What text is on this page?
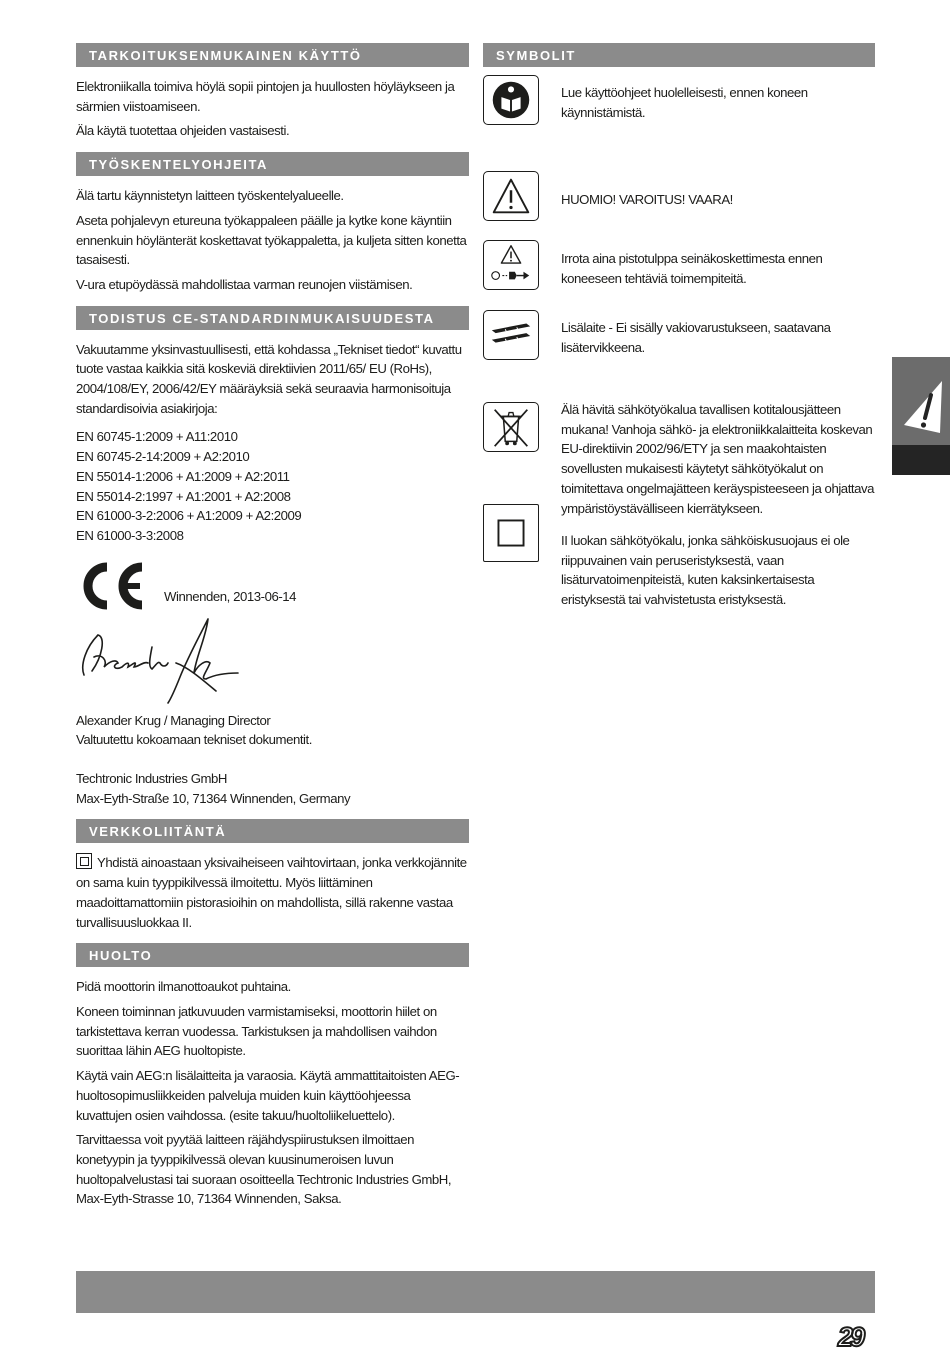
TARKOITUKSENMUKAINEN KÄYTTÖ

Elektroniikalla toimiva höylä sopii pintojen ja huullosten höyläykseen ja särmien viistoamiseen.

Äla käytä tuotettaa ohjeiden vastaisesti.

TYÖSKENTELYOHJEITA

Älä tartu käynnistetyn laitteen työskentelyalueelle.

Aseta pohjalevyn etureuna työkappaleen päälle ja kytke kone käyntiin ennenkuin höylänterät koskettavat työkappaletta, ja kuljeta sitten konetta tasaisesti.

V-ura etupöydässä mahdollistaa varman reunojen viistämisen.

TODISTUS CE-STANDARDINMUKAISUUDESTA

Vakuutamme yksinvastuullisesti, että kohdassa „Tekniset tiedot“ kuvattu tuote vastaa kaikkia sitä koskeviä direktiivien 2011/65/ EU (RoHs), 2004/108/EY, 2006/42/EY määräyksiä sekä seuraavia harmonisoituja standardisoivia asiakirjoja:

EN 60745-1:2009 + A11:2010
EN 60745-2-14:2009 + A2:2010
EN 55014-1:2006 + A1:2009 + A2:2011
EN 55014-2:1997 + A1:2001 + A2:2008
EN 61000-3-2:2006 + A1:2009 + A2:2009
EN 61000-3-3:2008

Winnenden, 2013-06-14

Alexander Krug / Managing Director
Valtuutettu kokoamaan tekniset dokumentit.

Techtronic Industries GmbH
Max-Eyth-Straße 10, 71364 Winnenden, Germany

VERKKOLIITÄNTÄ

Yhdistä ainoastaan yksivaiheiseen vaihtovirtaan, jonka verkkojännite on sama kuin tyyppikilvessä ilmoitettu. Myös liittäminen maadoittamattomiin pistorasioihin on mahdollista, sillä rakenne vastaa turvallisuusluokkaa II.

HUOLTO

Pidä moottorin ilmanottoaukot puhtaina.

Koneen toiminnan jatkuvuuden varmistamiseksi, moottorin hiilet on tarkistettava kerran vuodessa. Tarkistuksen ja mahdollisen vaihdon suorittaa lähin AEG huoltopiste.

Käytä vain AEG:n lisälaitteita ja varaosia. Käytä ammattitaitoisten AEG-huoltosopimusliikkeiden palveluja muiden kuin käyttöohjeessa kuvattujen osien vaihdossa. (esite takuu/huoltoliikeluettelo).

Tarvittaessa voit pyytää laitteen räjähdyspiirustuksen ilmoittaen konetyypin ja tyyppikilvessä olevan kuusinumeroisen luvun huoltopalvelustasi tai suoraan osoitteella Techtronic Industries GmbH, Max-Eyth-Strasse 10, 71364 Winnenden, Saksa.

SYMBOLIT
Lue käyttöohjeet huolellеisesti, ennen koneen käynnistämistä.
HUOMIO! VAROITUS! VAARA!
Irrota aina pistotulppa seinäkoskettimesta ennen koneeseen tehtäviä toimempiteitä.
Lisälaite - Ei sisälly vakiovarustukseen, saatavana lisätervikkeena.
Älä hävitä sähkötyökalua tavallisen kotitalousjätteen mukana! Vanhoja sähkö- ja elektroniikkalaitteita koskevan EU-direktiivin 2002/96/ETY ja sen maakohtaisten sovellusten mukaisesti käytetyt sähkötyökalut on toimitettava ongelmajätteen keräyspisteeseen ja ohjattava ympäristöystävälliseen kierrätykseen.
II luokan sähkötyökalu, jonka sähköiskusuojaus ei ole riippuvainen vain peruseristyksestä, vaan lisäturvatoimenpiteistä, kuten kaksinkertaisesta eristyksestä tai vahvistetusta eristyksestä.
29
